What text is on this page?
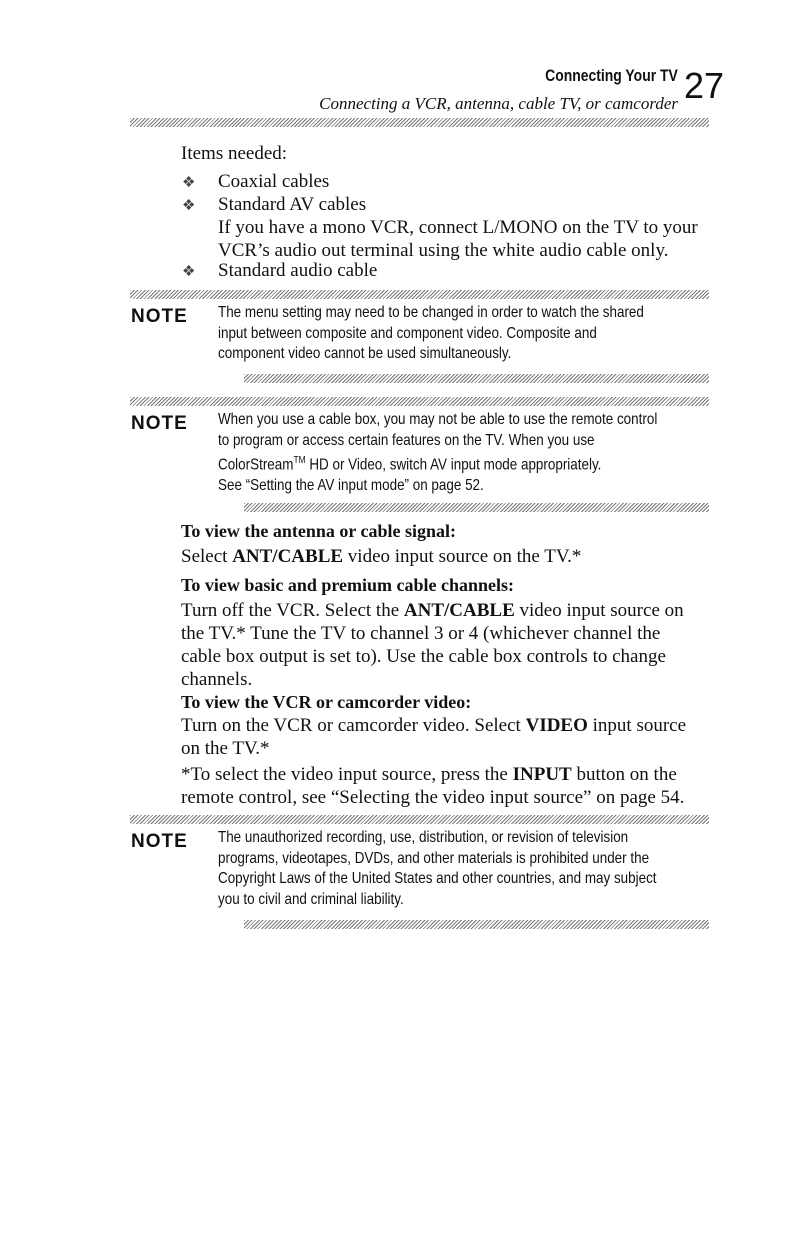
Connecting Your TV 27
Connecting a VCR, antenna, cable TV, or camcorder
Items needed:
❖ Coaxial cables
❖ Standard AV cables
If you have a mono VCR, connect L/MONO on the TV to your
VCR’s audio out terminal using the white audio cable only.
❖ Standard audio cable
NOTE The menu setting may need to be changed in order to watch the shared

input between composite and component video. Composite and

component video cannot be used simultaneously.

NOTE When you use a cable box, you may not be able to use the remote control

to program or access certain features on the TV. When you use

ColorStream™ HD or Video, switch AV input mode appropriately.

See “Setting the AV input mode” on page 52.

To view the antenna or cable signal:
Select ANT/CABLE video input source on the TV.*
To view basic and premium cable channels:
Turn off the VCR. Select the ANT/CABLE video input source on
the TV.* Tune the TV to channel 3 or 4 (whichever channel the
cable box output is set to). Use the cable box controls to change
channels.
To view the VCR or camcorder video:
Turn on the VCR or camcorder video. Select VIDEO input source
on the TV.*
*To select the video input source, press the INPUT button on the
remote control, see “Selecting the video input source” on page 54.
NOTE The unauthorized recording, use, distribution, or revision of television

programs, videotapes, DVDs, and other materials is prohibited under the

Copyright Laws of the United States and other countries, and may subject

you to civil and criminal liability.
